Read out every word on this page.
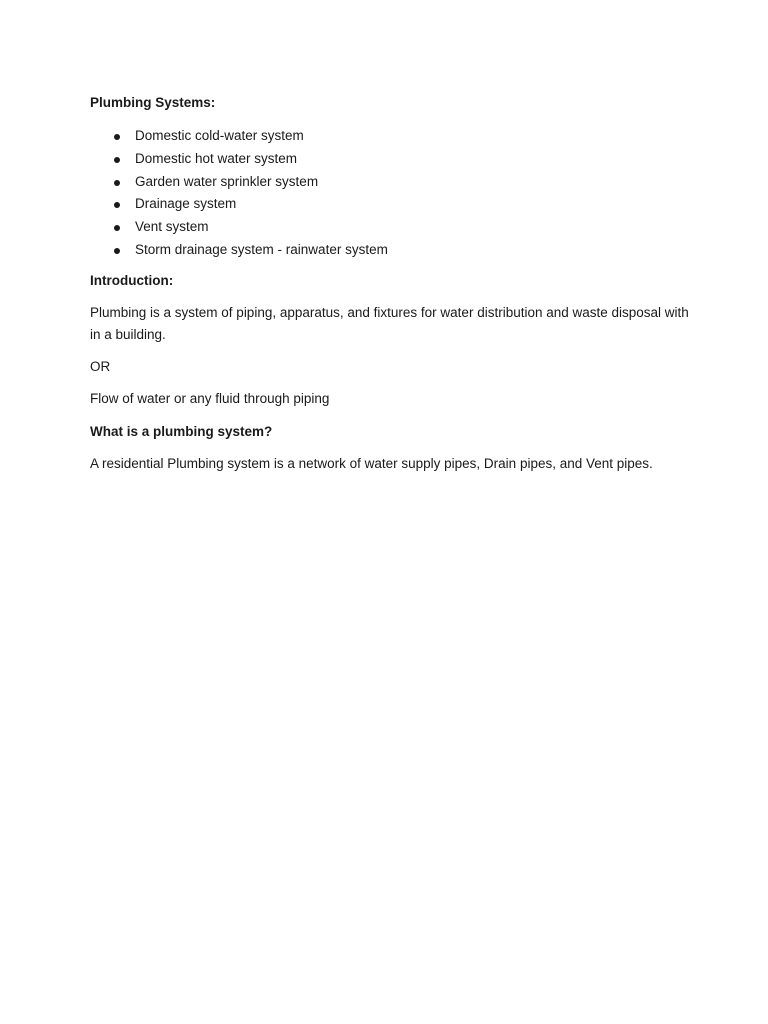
Plumbing Systems:

Domestic cold-water system
Domestic hot water system
Garden water sprinkler system
Drainage system
Vent system
Storm drainage system - rainwater system

Introduction:

Plumbing is a system of piping, apparatus, and fixtures for water distribution and waste disposal with in a building.

OR

Flow of water or any fluid through piping

What is a plumbing system?

A residential Plumbing system is a network of water supply pipes, Drain pipes, and Vent pipes.
